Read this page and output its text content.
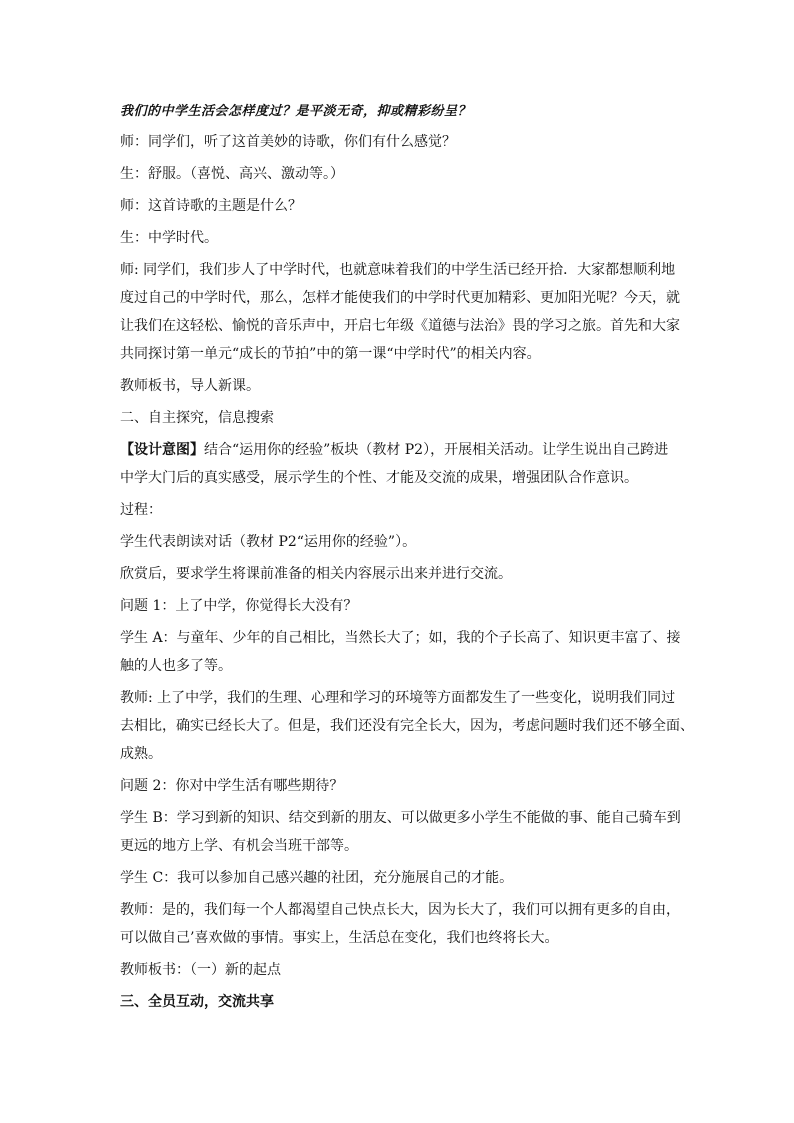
我们的中学生活会怎样度过？是平淡无奇，抑或精彩纷呈？

师：同学们，听了这首美妙的诗歌，你们有什么感觉？

生：舒服。（喜悦、高兴、激动等。）

师：这首诗歌的主题是什么？

生：中学时代。

师: 同学们，我们步人了中学时代，也就意味着我们的中学生活已经开拾．大家都想顺利地

度过自己的中学时代，那么，怎样才能使我们的中学时代更加精彩、更加阳光呢？今天，就

让我们在这轻松、愉悦的音乐声中，开启七年级《道德与法治》畏的学习之旅。首先和大家

共同探讨第一单元“成长的节拍”中的第一课“中学时代”的相关内容。

教师板书，导人新课。

二、自主探究，信息搜索

【设计意图】结合“运用你的经验”板块（教材 P2），开展相关活动。让学生说出自己跨进

中学大门后的真实感受，展示学生的个性、才能及交流的成果，增强团队合作意识。

过程：

学生代表朗读对话（教材 P2“运用你的经验”）。

欣赏后，要求学生将课前准备的相关内容展示出来并进行交流。

问题 1：上了中学，你觉得长大没有？

学生 A：与童年、少年的自己相比，当然长大了；如，我的个子长高了、知识更丰富了、接

触的人也多了等。

教师: 上了中学，我们的生理、心理和学习的环境等方面都发生了一些变化，说明我们同过

去相比，确实已经长大了。但是，我们还没有完全长大，因为，考虑问题时我们还不够全面、

成熟。

问题 2：你对中学生活有哪些期待？

学生 B：学习到新的知识、结交到新的朋友、可以做更多小学生不能做的事、能自己骑车到

更远的地方上学、有机会当班干部等。

学生 C：我可以参加自己感兴趣的社团，充分施展自己的才能。

教师：是的，我们每一个人都渴望自己快点长大，因为长大了，我们可以拥有更多的自由，

可以做自己’喜欢做的事情。事实上，生活总在变化，我们也终将长大。

教师板书：（一）新的起点

三、全员互动，交流共享
